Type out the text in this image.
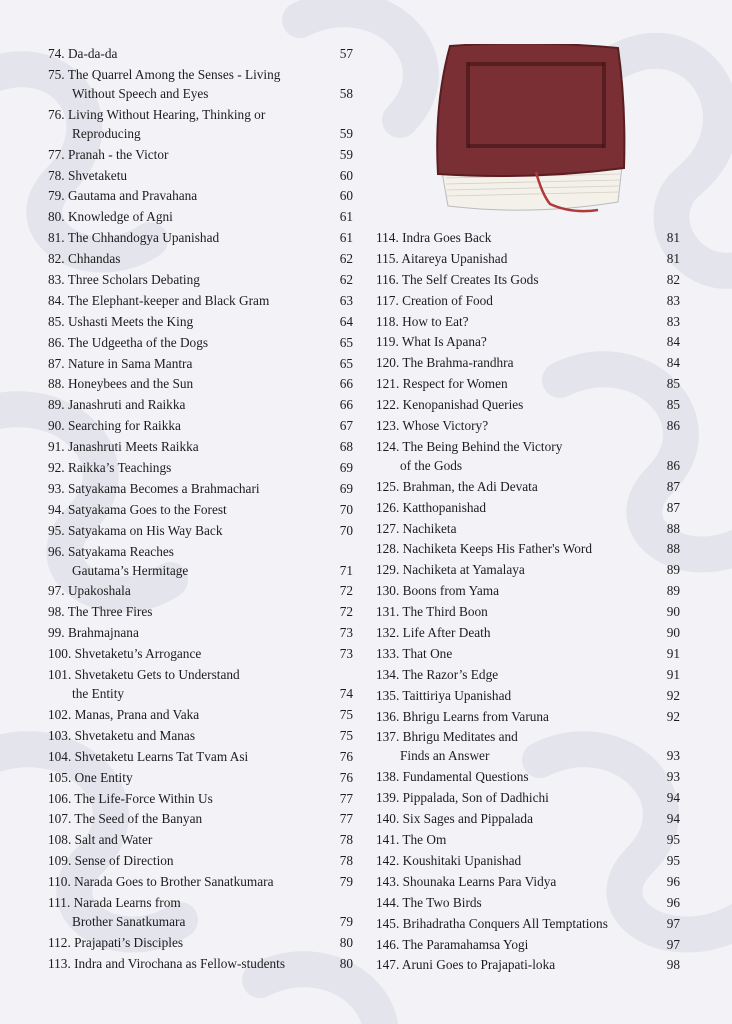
74. Da-da-da	57
75. The Quarrel Among the Senses - Living
Without Speech and Eyes	58
76. Living Without Hearing, Thinking or
Reproducing	59
77. Pranah - the Victor	59
78. Shvetaketu	60
79. Gautama and Pravahana	60
80. Knowledge of Agni	61
81. The Chhandogya Upanishad	61
82. Chhandas	62
83. Three Scholars Debating	62
84. The Elephant-keeper and Black Gram	63
85. Ushasti Meets the King	64
86. The Udgeetha of the Dogs	65
87. Nature in Sama Mantra	65
88. Honeybees and the Sun	66
89. Janashruti and Raikka	66
90. Searching for Raikka	67
91. Janashruti Meets Raikka	68
92. Raikka’s Teachings	69
93. Satyakama Becomes a Brahmachari	69
94. Satyakama Goes to the Forest	70
95. Satyakama on His Way Back	70
96. Satyakama Reaches
Gautama’s Hermitage	71
97. Upakoshala	72
98. The Three Fires	72
99. Brahmajnana	73
100. Shvetaketu’s Arrogance	73
101. Shvetaketu Gets to Understand
the Entity	74
102. Manas, Prana and Vaka	75
103. Shvetaketu and Manas	75
104. Shvetaketu Learns Tat Tvam Asi	76
105. One Entity	76
106. The Life-Force Within Us	77
107. The Seed of the Banyan	77
108. Salt and Water	78
109. Sense of Direction	78
110. Narada Goes to Brother Sanatkumara	79
111. Narada Learns from
Brother Sanatkumara	79
112. Prajapati’s Disciples	80
113. Indra and Virochana as Fellow-students	80
114. Indra Goes Back	81
115. Aitareya Upanishad	81
116. The Self Creates Its Gods	82
117. Creation of Food	83
118. How to Eat?	83
119. What Is Apana?	84
120. The Brahma-randhra	84
121. Respect for Women	85
122. Kenopanishad Queries	85
123. Whose Victory?	86
124. The Being Behind the Victory
of the Gods	86
125. Brahman, the Adi Devata	87
126. Katthopanishad	87
127. Nachiketa	88
128. Nachiketa Keeps His Father's Word	88
129. Nachiketa at Yamalaya	89
130. Boons from Yama	89
131. The Third Boon	90
132. Life After Death	90
133. That One	91
134. The Razor’s Edge	91
135. Taittiriya Upanishad	92
136. Bhrigu Learns from Varuna	92
137. Bhrigu Meditates and
Finds an Answer	93
138. Fundamental Questions	93
139. Pippalada, Son of Dadhichi	94
140. Six Sages and Pippalada	94
141. The Om	95
142. Koushitaki Upanishad	95
143. Shounaka Learns Para Vidya	96
144. The Two Birds	96
145. Brihadratha Conquers All Temptations	97
146. The Paramahamsa Yogi	97
147. Aruni Goes to Prajapati-loka	98
